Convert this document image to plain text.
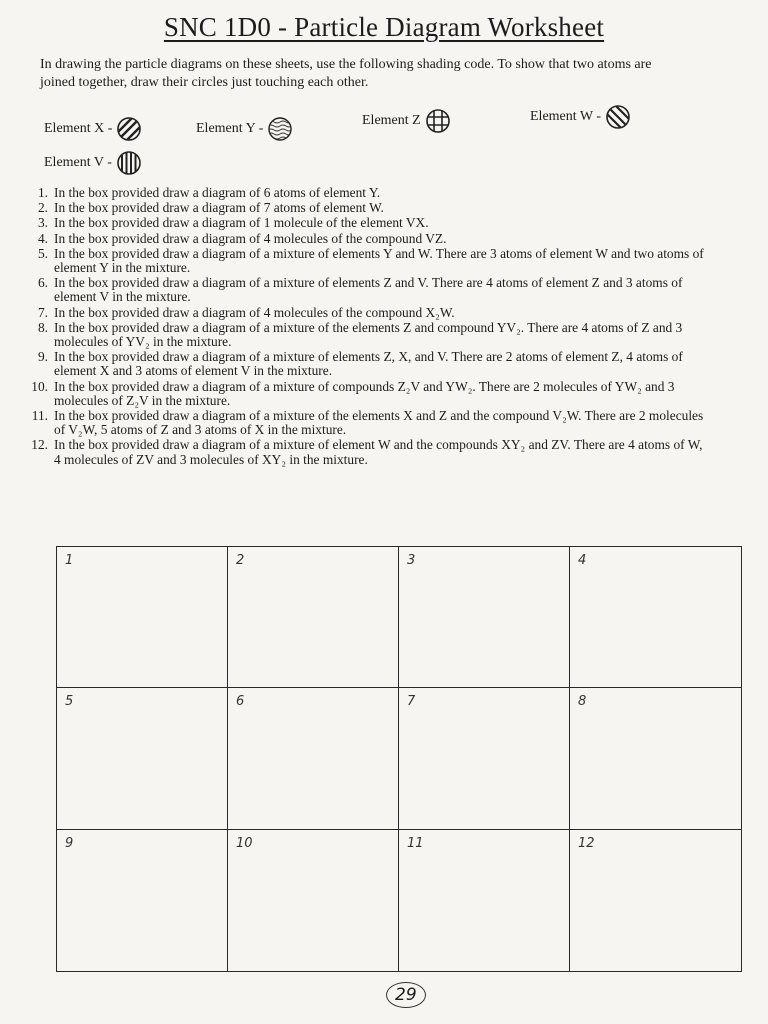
SNC 1D0 - Particle Diagram Worksheet
In drawing the particle diagrams on these sheets, use the following shading code. To show that two atoms are joined together, draw their circles just touching each other.
Element X -	Element Y -
Element Z	Element W -
Element V -
1. In the box provided draw a diagram of 6 atoms of element Y.
2. In the box provided draw a diagram of 7 atoms of element W.
3. In the box provided draw a diagram of 1 molecule of the element VX.
4. In the box provided draw a diagram of 4 molecules of the compound VZ.
5. In the box provided draw a diagram of a mixture of elements Y and W. There are 3 atoms of element W and two atoms of element Y in the mixture.
6. In the box provided draw a diagram of a mixture of elements Z and V. There are 4 atoms of element Z and 3 atoms of element V in the mixture.
7. In the box provided draw a diagram of 4 molecules of the compound X₂W.
8. In the box provided draw a diagram of a mixture of the elements Z and compound YV₂. There are 4 atoms of Z and 3 molecules of YV₂ in the mixture.
9. In the box provided draw a diagram of a mixture of elements Z, X, and V. There are 2 atoms of element Z, 4 atoms of element X and 3 atoms of element V in the mixture.
10. In the box provided draw a diagram of a mixture of compounds Z₂V and YW₂. There are 2 molecules of YW₂ and 3 molecules of Z₂V in the mixture.
11. In the box provided draw a diagram of a mixture of the elements X and Z and the compound V₂W. There are 2 molecules of V₂W, 5 atoms of Z and 3 atoms of X in the mixture.
12. In the box provided draw a diagram of a mixture of element W and the compounds XY₂ and ZV. There are 4 atoms of W, 4 molecules of ZV and 3 molecules of XY₂ in the mixture.
1	2	3	4
5	6	7	8
9	10	11	12
29
